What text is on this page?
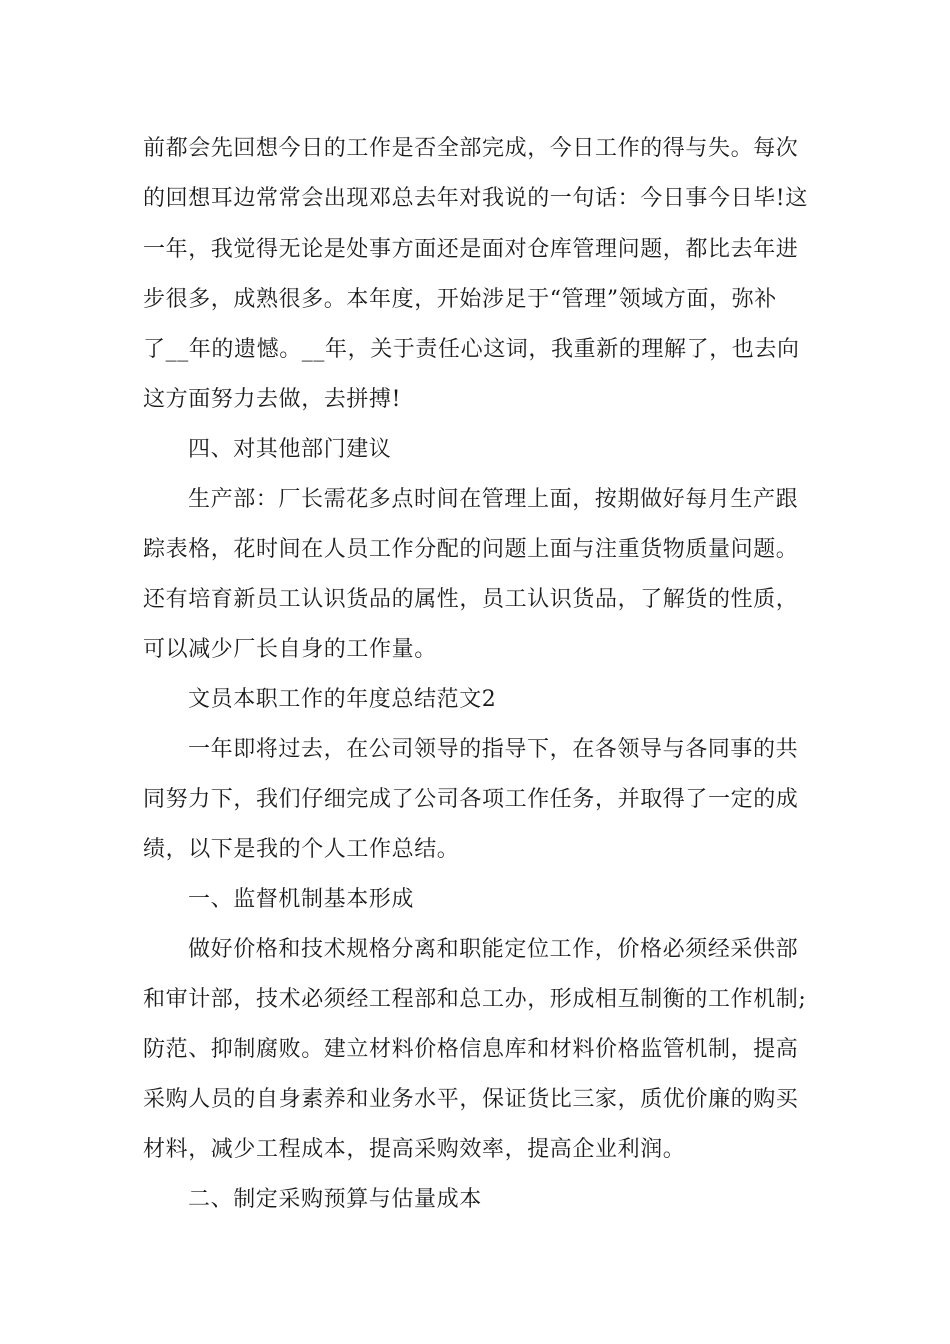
前都会先回想今日的工作是否全部完成，今日工作的得与失。每次
的回想耳边常常会出现邓总去年对我说的一句话：今日事今日毕!这
一年，我觉得无论是处事方面还是面对仓库管理问题，都比去年进
步很多，成熟很多。本年度，开始涉足于“管理”领域方面，弥补
了__年的遗憾。__年，关于责任心这词，我重新的理解了，也去向
这方面努力去做，去拼搏!
四、对其他部门建议
生产部：厂长需花多点时间在管理上面，按期做好每月生产跟
踪表格，花时间在人员工作分配的问题上面与注重货物质量问题。
还有培育新员工认识货品的属性，员工认识货品，了解货的性质，
可以减少厂长自身的工作量。
文员本职工作的年度总结范文2
一年即将过去，在公司领导的指导下，在各领导与各同事的共
同努力下，我们仔细完成了公司各项工作任务，并取得了一定的成
绩，以下是我的个人工作总结。
一、监督机制基本形成
做好价格和技术规格分离和职能定位工作，价格必须经采供部
和审计部，技术必须经工程部和总工办，形成相互制衡的工作机制;
防范、抑制腐败。建立材料价格信息库和材料价格监管机制，提高
采购人员的自身素养和业务水平，保证货比三家，质优价廉的购买
材料，减少工程成本，提高采购效率，提高企业利润。
二、制定采购预算与估量成本
